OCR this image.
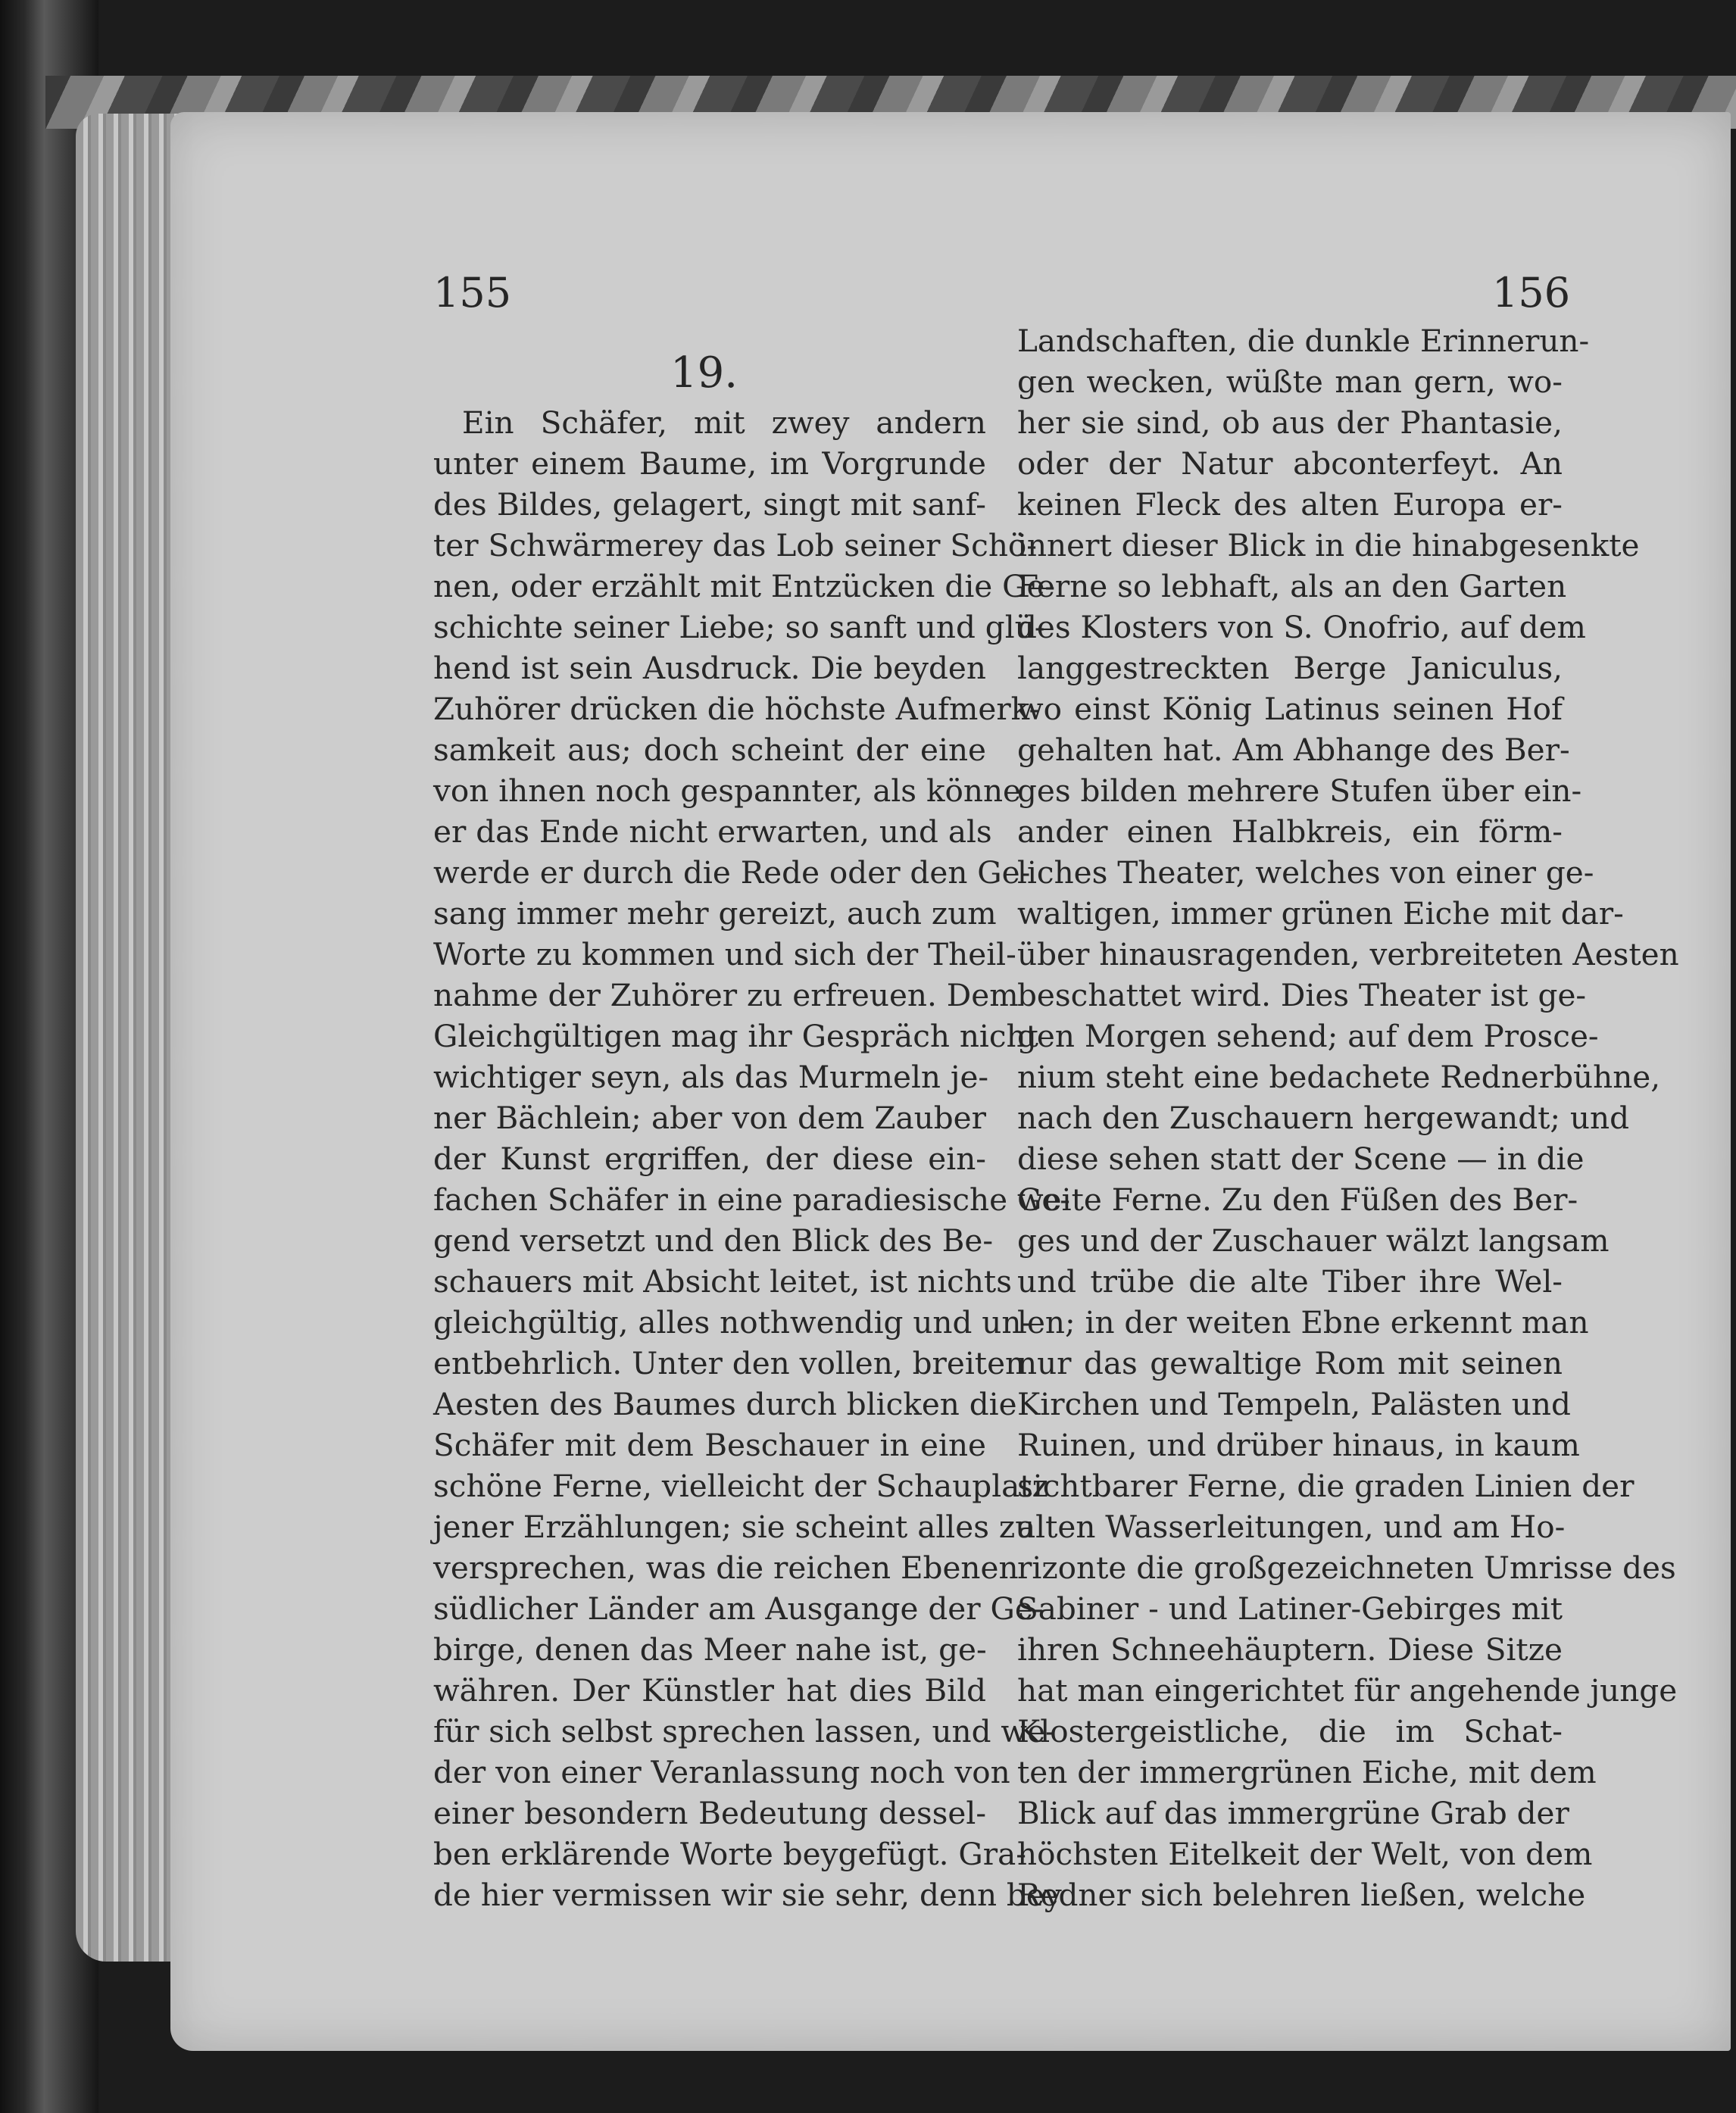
155	156
19.
Ein Schäfer, mit zwey andern
unter einem Baume, im Vorgrunde
des Bildes, gelagert, singt mit sanf-
ter Schwärmerey das Lob seiner Schö-
nen, oder erzählt mit Entzücken die Ge-
schichte seiner Liebe; so sanft und glü-
hend ist sein Ausdruck. Die beyden
Zuhörer drücken die höchste Aufmerk-
samkeit aus; doch scheint der eine
von ihnen noch gespannter, als könne
er das Ende nicht erwarten, und als
werde er durch die Rede oder den Ge-
sang immer mehr gereizt, auch zum
Worte zu kommen und sich der Theil-
nahme der Zuhörer zu erfreuen. Dem
Gleichgültigen mag ihr Gespräch nicht
wichtiger seyn, als das Murmeln je-
ner Bächlein; aber von dem Zauber
der Kunst ergriffen, der diese ein-
fachen Schäfer in eine paradiesische Ge-
gend versetzt und den Blick des Be-
schauers mit Absicht leitet, ist nichts
gleichgültig, alles nothwendig und un-
entbehrlich. Unter den vollen, breiten
Aesten des Baumes durch blicken die
Schäfer mit dem Beschauer in eine
schöne Ferne, vielleicht der Schauplatz
jener Erzählungen; sie scheint alles zu
versprechen, was die reichen Ebenen
südlicher Länder am Ausgange der Ge-
birge, denen das Meer nahe ist, ge-
währen. Der Künstler hat dies Bild
für sich selbst sprechen lassen, und we-
der von einer Veranlassung noch von
einer besondern Bedeutung dessel-
ben erklärende Worte beygefügt. Gra-
de hier vermissen wir sie sehr, denn bey
Landschaften, die dunkle Erinnerun-
gen wecken, wüßte man gern, wo-
her sie sind, ob aus der Phantasie,
oder der Natur abconterfeyt. An
keinen Fleck des alten Europa er-
innert dieser Blick in die hinabgesenkte
Ferne so lebhaft, als an den Garten
des Klosters von S. Onofrio, auf dem
langgestreckten Berge Janiculus,
wo einst König Latinus seinen Hof
gehalten hat. Am Abhange des Ber-
ges bilden mehrere Stufen über ein-
ander einen Halbkreis, ein förm-
liches Theater, welches von einer ge-
waltigen, immer grünen Eiche mit dar-
über hinausragenden, verbreiteten Aesten
beschattet wird. Dies Theater ist ge-
gen Morgen sehend; auf dem Prosce-
nium steht eine bedachete Rednerbühne,
nach den Zuschauern hergewandt; und
diese sehen statt der Scene — in die
weite Ferne. Zu den Füßen des Ber-
ges und der Zuschauer wälzt langsam
und trübe die alte Tiber ihre Wel-
len; in der weiten Ebne erkennt man
nur das gewaltige Rom mit seinen
Kirchen und Tempeln, Palästen und
Ruinen, und drüber hinaus, in kaum
sichtbarer Ferne, die graden Linien der
alten Wasserleitungen, und am Ho-
rizonte die großgezeichneten Umrisse des
Sabiner - und Latiner-Gebirges mit
ihren Schneehäuptern. Diese Sitze
hat man eingerichtet für angehende junge
Klostergeistliche, die im Schat-
ten der immergrünen Eiche, mit dem
Blick auf das immergrüne Grab der
höchsten Eitelkeit der Welt, von dem
Redner sich belehren ließen, welche
